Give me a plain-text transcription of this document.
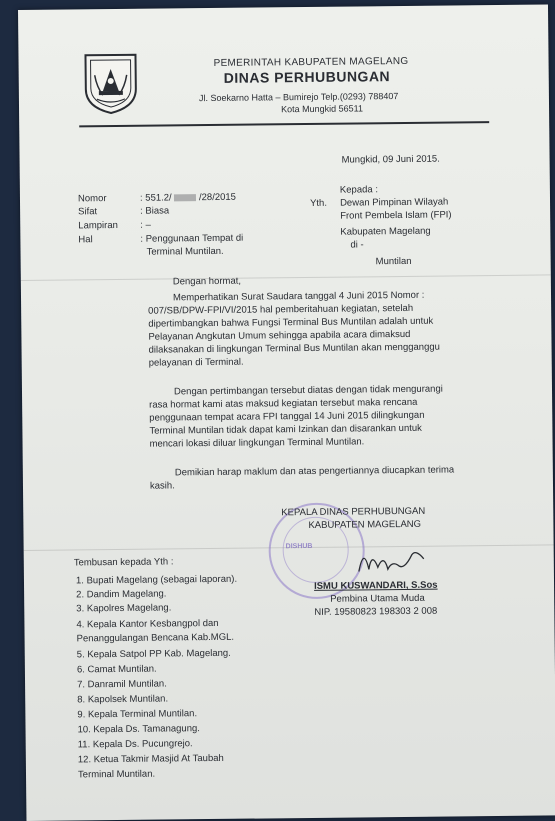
PEMERINTAH KABUPATEN MAGELANG
DINAS PERHUBUNGAN
Jl. Soekarno Hatta – Bumirejo Telp.(0293) 788407
Kota Mungkid 56511
Mungkid, 09 Juni 2015.
Nomor	: 551.2/  /28/2015
Sifat	: Biasa
Lampiran : –
Hal	: Penggunaan Tempat di
Terminal Muntilan.
Kepada :
Yth. Dewan Pimpinan Wilayah
Front Pembela Islam (FPI)
Kabupaten Magelang
di -
Muntilan
Dengan hormat,
Memperhatikan Surat Saudara tanggal 4 Juni 2015 Nomor :
007/SB/DPW-FPI/VI/2015 hal pemberitahuan kegiatan, setelah
dipertimbangkan bahwa Fungsi Terminal Bus Muntilan adalah untuk
Pelayanan Angkutan Umum sehingga apabila acara dimaksud
dilaksanakan di lingkungan Terminal Bus Muntilan akan mengganggu
pelayanan di Terminal.
Dengan pertimbangan tersebut diatas dengan tidak mengurangi
rasa hormat kami atas maksud kegiatan tersebut maka rencana
penggunaan tempat acara FPI tanggal 14 Juni 2015 dilingkungan
Terminal Muntilan tidak dapat kami Izinkan dan disarankan untuk
mencari lokasi diluar lingkungan Terminal Muntilan.
Demikian harap maklum dan atas pengertiannya diucapkan terima
kasih.
DISHUB
KEPALA DINAS PERHUBUNGAN
KABUPATEN MAGELANG
ISMU KUSWANDARI, S.Sos
Pembina Utama Muda
NIP. 19580823 198303 2 008
Tembusan kepada Yth :
1. Bupati Magelang (sebagai laporan).
2. Dandim Magelang.
3. Kapolres Magelang.
4. Kepala Kantor Kesbangpol dan
Penanggulangan Bencana Kab.MGL.
5. Kepala Satpol PP Kab. Magelang.
6. Camat Muntilan.
7. Danramil Muntilan.
8. Kapolsek Muntilan.
9. Kepala Terminal Muntilan.
10. Kepala Ds. Tamanagung.
11. Kepala Ds. Pucungrejo.
12. Ketua Takmir Masjid At Taubah
Terminal Muntilan.
